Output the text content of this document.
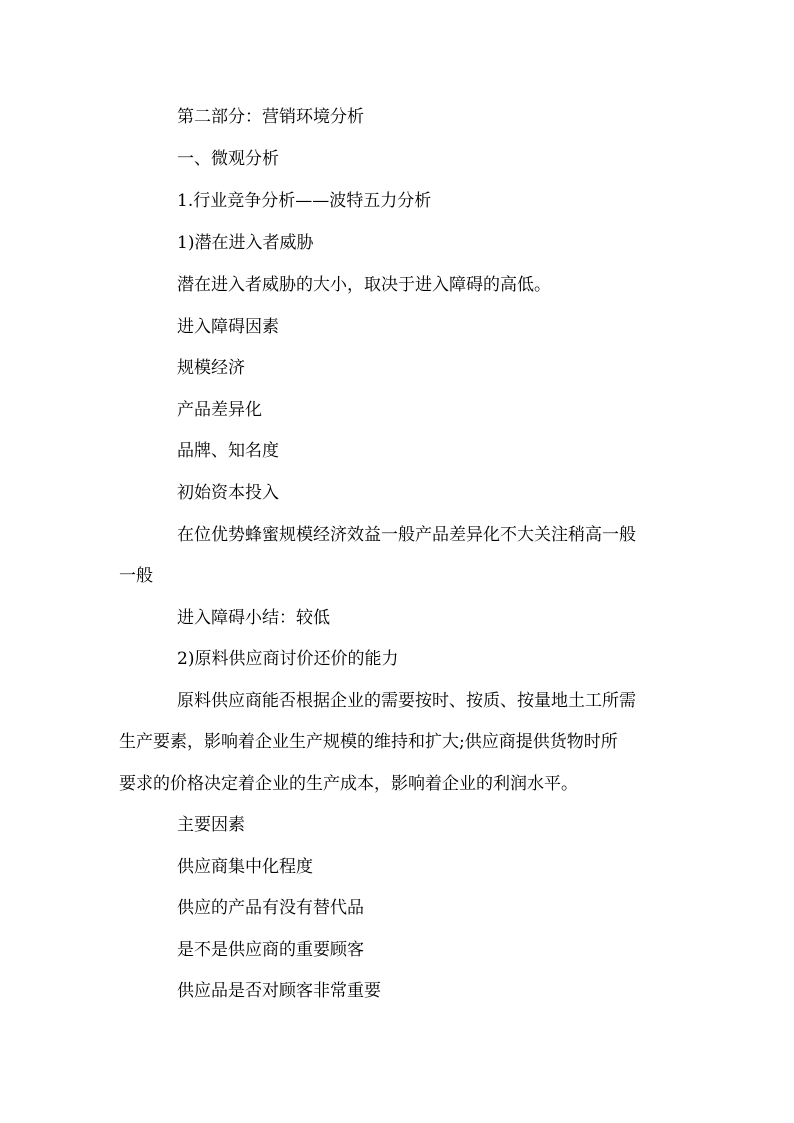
第二部分：营销环境分析
一、微观分析
1.行业竞争分析——波特五力分析
1)潜在进入者威胁
潜在进入者威胁的大小，取决于进入障碍的高低。
进入障碍因素
规模经济
产品差异化
品牌、知名度
初始资本投入
在位优势蜂蜜规模经济效益一般产品差异化不大关注稍高一般
一般
进入障碍小结：较低
2)原料供应商讨价还价的能力
原料供应商能否根据企业的需要按时、按质、按量地土工所需
生产要素，影响着企业生产规模的维持和扩大;供应商提供货物时所
要求的价格决定着企业的生产成本，影响着企业的利润水平。
主要因素
供应商集中化程度
供应的产品有没有替代品
是不是供应商的重要顾客
供应品是否对顾客非常重要
